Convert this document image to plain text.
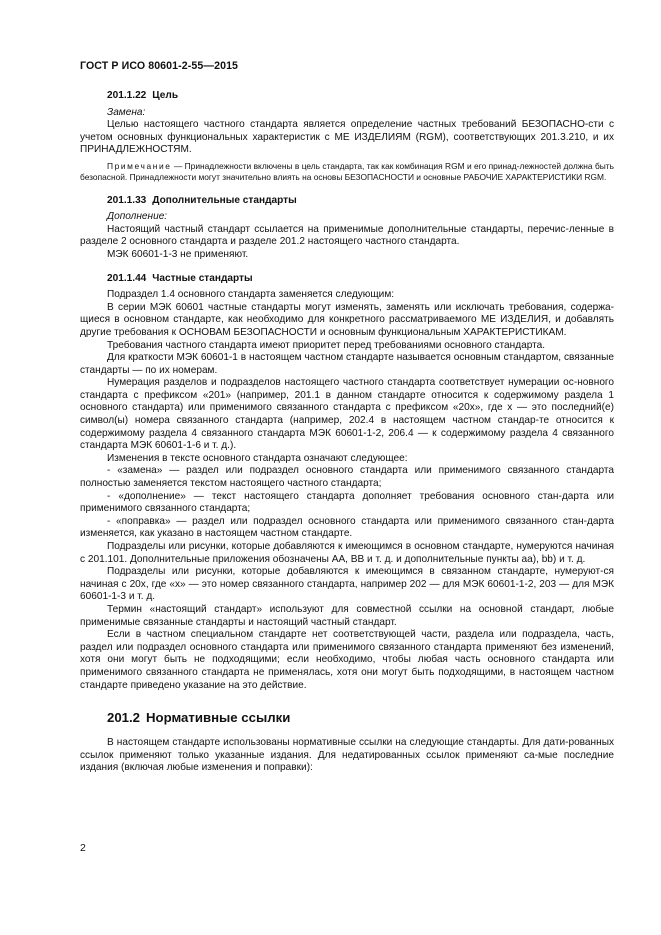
ГОСТ Р ИСО 80601-2-55—2015

201.1.22 Цель

Замена:

Целью настоящего частного стандарта является определение частных требований БЕЗОПАСНО-сти с учетом основных функциональных характеристик с МЕ ИЗДЕЛИЯМ (RGM), соответствующих 201.3.210, и их ПРИНАДЛЕЖНОСТЯМ.

Примечание — Принадлежности включены в цель стандарта, так как комбинация RGM и его принад-лежностей должна быть безопасной. Принадлежности могут значительно влиять на основы БЕЗОПАСНОСТИ и основные РАБОЧИЕ ХАРАКТЕРИСТИКИ RGM.

201.1.33 Дополнительные стандарты

Дополнение:

Настоящий частный стандарт ссылается на применимые дополнительные стандарты, перечис-ленные в разделе 2 основного стандарта и разделе 201.2 настоящего частного стандарта.

МЭК 60601-1-3 не применяют.

201.1.44 Частные стандарты

Подраздел 1.4 основного стандарта заменяется следующим:

В серии МЭК 60601 частные стандарты могут изменять, заменять или исключать требования, содержа-щиеся в основном стандарте, как необходимо для конкретного рассматриваемого МЕ ИЗДЕЛИЯ, и добавлять другие требования к ОСНОВАМ БЕЗОПАСНОСТИ и основным функциональным ХАРАКТЕРИСТИКАМ.

Требования частного стандарта имеют приоритет перед требованиями основного стандарта.

Для краткости МЭК 60601-1 в настоящем частном стандарте называется основным стандартом, связанные стандарты — по их номерам.

Нумерация разделов и подразделов настоящего частного стандарта соответствует нумерации ос-новного стандарта с префиксом «201» (например, 201.1 в данном стандарте относится к содержимому раздела 1 основного стандарта) или применимого связанного стандарта с префиксом «20x», где x — это последний(е) символ(ы) номера связанного стандарта (например, 202.4 в настоящем частном стандар-те относится к содержимому раздела 4 связанного стандарта МЭК 60601-1-2, 206.4 — к содержимому раздела 4 связанного стандарта МЭК 60601-1-6 и т. д.).

Изменения в тексте основного стандарта означают следующее:

- «замена» — раздел или подраздел основного стандарта или применимого связанного стандарта полностью заменяется текстом настоящего частного стандарта;

- «дополнение» — текст настоящего стандарта дополняет требования основного стан-дарта или применимого связанного стандарта;

- «поправка» — раздел или подраздел основного стандарта или применимого связанного стан-дарта изменяется, как указано в настоящем частном стандарте.

Подразделы или рисунки, которые добавляются к имеющимся в основном стандарте, нумеруются начиная с 201.101. Дополнительные приложения обозначены АА, ВВ и т. д. и дополнительные пункты аа), bb) и т. д.

Подразделы или рисунки, которые добавляются к имеющимся в связанном стандарте, нумеруют-ся начиная с 20x, где «x» — это номер связанного стандарта, например 202 — для МЭК 60601-1-2, 203 — для МЭК 60601-1-3 и т. д.

Термин «настоящий стандарт» используют для совместной ссылки на основной стандарт, любые применимые связанные стандарты и настоящий частный стандарт.

Если в частном специальном стандарте нет соответствующей части, раздела или подраздела, часть, раздел или подраздел основного стандарта или применимого связанного стандарта применяют без изменений, хотя они могут быть не подходящими; если необходимо, чтобы любая часть основного стандарта или применимого связанного стандарта не применялась, хотя они могут быть подходящими, в настоящем частном стандарте приведено указание на это действие.

201.2 Нормативные ссылки

В настоящем стандарте использованы нормативные ссылки на следующие стандарты. Для дати-рованных ссылок применяют только указанные издания. Для недатированных ссылок применяют са-мые последние издания (включая любые изменения и поправки):

2
